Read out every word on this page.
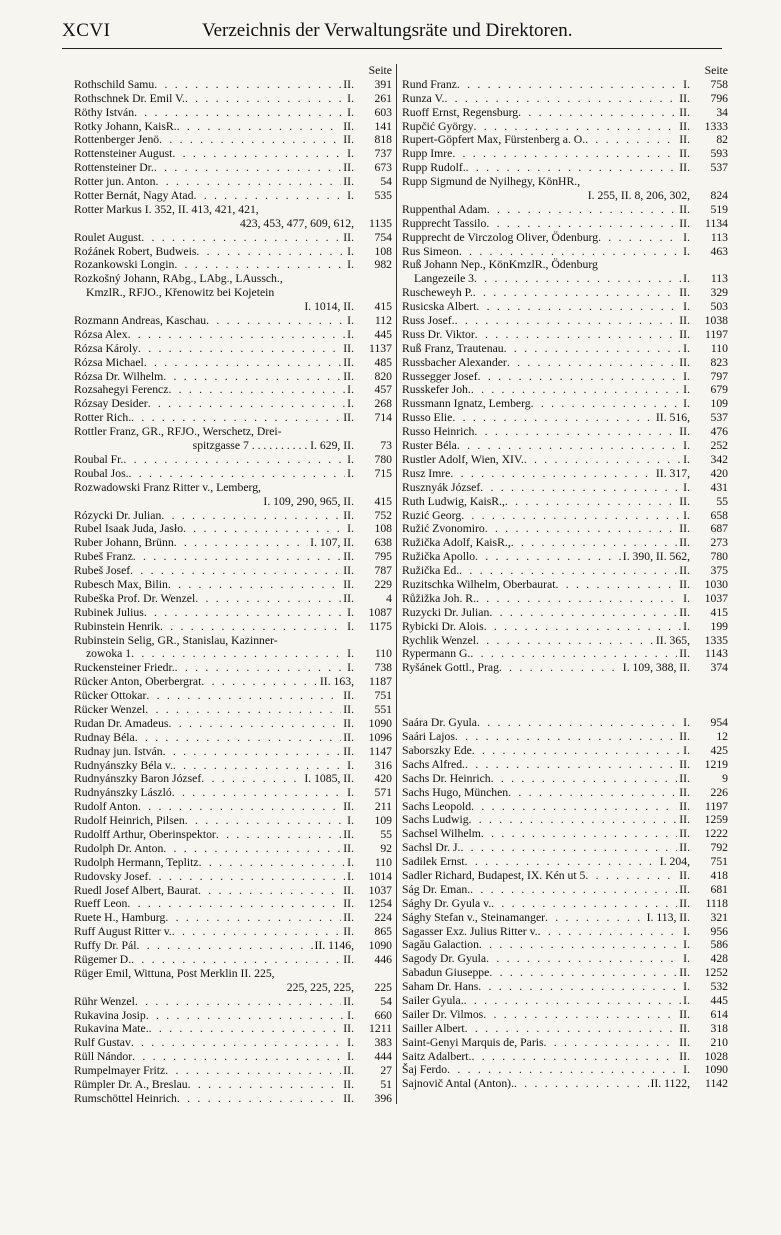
XCVI	Verzeichnis der Verwaltungsräte und Direktoren.
Seite
Rothschild Samu . . .	II.	391
Rothschnek Dr. Emil V. . . .	I.	261
Röthy István . . .	I.	603
Rotky Johann, KaisR. . . .	II.	141
Rottenberger Jenö . . .	II.	818
Rottensteiner August . . .	I.	737
Rottensteiner Dr. . . .	II.	673
Rotter jun. Anton . . .	II.	54
Rotter Bernát, Nagy Atad . . .	I.	535
Rotter Markus I. 352, II. 413, 421, 421,
423, 453, 477, 609, 612,	1135
Roulet August . . .	II.	754
Roźánek Robert, Budweis . . .	I.	108
Rozankowski Longin . . .	I.	982
Rozkošný Johann, RAbg., LAbg., LAussch.,
KmzlR., RFJO., Křenowitz bei Kojetein
I. 1014, II.	415
Rozmann Andreas, Kaschau . . .	I.	112
Rózsa Alex . . .	I.	445
Rózsa Károly . . .	II.	1137
Rózsa Michael . . .	II.	485
Rózsa Dr. Wilhelm . . .	II.	820
Rozsahegyi Ferencz . . .	I.	457
Rózsay Desider . . .	I.	268
Rotter Rich. . . .	II.	714
Rottler Franz, GR., RFJO., Werschetz, Drei-
spitzgasse 7 . . . . . . . . . . I. 629, II.	73
Roubal Fr. . . .	I.	780
Roubal Jos. . . .	I.	715
Rozwadowski Franz Ritter v., Lemberg,
I. 109, 290, 965, II.	415
Rózycki Dr. Julian . . .	II.	752
Rubel Isaak Juda, Jasło . . .	I.	108
Ruber Johann, Brünn . . .	I. 107, II.	638
Rubeš Franz . . .	II.	795
Rubeš Josef . . .	II.	787
Rubesch Max, Bilin . . .	II.	229
Rubeška Prof. Dr. Wenzel . . .	II.	4
Rubinek Julius . . .	I.	1087
Rubinstein Henrik . . .	I.	1175
Rubinstein Selig, GR., Stanislau, Kazinner-
zowoka 1 . . .	I.	110
Ruckensteiner Friedr. . . .	I.	738
Rücker Anton, Oberbergrat . . .	II. 163,	1187
Rücker Ottokar . . .	II.	751
Rücker Wenzel . . .	II.	551
Rudan Dr. Amadeus . . .	II.	1090
Rudnay Béla . . .	II.	1096
Rudnay jun. István . . .	II.	1147
Rudnyánszky Béla v. . . .	I.	316
Rudnyánszky Baron József . . .	I. 1085, II.	420
Rudnyánszky László . . .	I.	571
Rudolf Anton . . .	II.	211
Rudolf Heinrich, Pilsen . . .	I.	109
Rudolff Arthur, Oberinspektor . . .	II.	55
Rudolph Dr. Anton . . .	II.	92
Rudolph Hermann, Teplitz . . .	I.	110
Rudovsky Josef . . .	I.	1014
Ruedl Josef Albert, Baurat . . .	II.	1037
Rueff Leon . . .	II.	1254
Ruete H., Hamburg . . .	II.	224
Ruff August Ritter v. . . .	II.	865
Ruffy Dr. Pál . . .	II. 1146,	1090
Rügemer D. . . .	II.	446
Rüger Emil, Wittuna, Post Merklin II. 225,
225, 225, 225,	225
Rühr Wenzel . . .	II.	54
Rukavina Josip . . .	I.	660
Rukavina Mate. . . .	II.	1211
Rulf Gustav . . .	I.	383
Rüll Nándor . . .	I.	444
Rumpelmayer Fritz . . .	II.	27
Rümpler Dr. A., Breslau . . .	II.	51
Rumschöttel Heinrich . . .	II.	396
Seite
Rund Franz . . .	I.	758
Runza V. . . .	II.	796
Ruoff Ernst, Regensburg . . .	II.	34
Rupčić György . . .	II.	1333
Rupert-Göpfert Max, Fürstenberg a. O. . . .	II.	82
Rupp Imre . . .	II.	593
Rupp Rudolf. . . .	II.	537
Rupp Sigmund de Nyilhegy, KönHR.,
I. 255, II. 8, 206, 302,	824
Ruppenthal Adam . . .	II.	519
Rupprecht Tassilo . . .	II.	1134
Rupprecht de Virczolog Oliver, Ödenburg . . .	I.	113
Rus Simeon . . .	I.	463
Ruß Johann Nep., KönKmzlR., Ödenburg
Langezeile 3 . . .	I.	113
Ruscheweyh P. . . .	II.	329
Rusicska Albert . . .	I.	503
Russ Josef. . . .	II.	1038
Russ Dr. Viktor . . .	II.	1197
Ruß Franz, Trautenau . . .	I.	110
Russbacher Alexander . . .	II.	823
Russegger Josef . . .	I.	797
Russkefer Joh. . . .	I.	679
Russmann Ignatz, Lemberg . . .	I.	109
Russo Elie . . .	II. 516,	537
Russo Heinrich . . .	II.	476
Ruster Béla . . .	I.	252
Rustler Adolf, Wien, XIV. . . .	I.	342
Rusz Imre . . .	II. 317,	420
Rusznyák József . . .	I.	431
Ruth Ludwig, KaisR., . . .	II.	55
Ruzić Georg . . .	I.	658
Ružić Zvonomiro . . .	II.	687
Ružička Adolf, KaisR., . . .	II.	273
Ružička Apollo . . .	I. 390, II. 562,	780
Ružička Ed. . . .	II.	375
Ruzitschka Wilhelm, Oberbaurat . . .	II.	1030
Růžižka Joh. R. . . .	I.	1037
Ruzycki Dr. Julian . . .	II.	415
Rybicki Dr. Alois . . .	I.	199
Rychlik Wenzel . . .	II. 365,	1335
Rypermann G. . . .	II.	1143
Ryšánek Gottl., Prag . . .	I. 109, 388, II.	374
Saára Dr. Gyula . . .	I.	954
Saári Lajos . . .	II.	12
Saborszky Ede . . .	I.	425
Sachs Alfred. . . .	II.	1219
Sachs Dr. Heinrich . . .	II.	9
Sachs Hugo, München . . .	II.	226
Sachs Leopold . . .	II.	1197
Sachs Ludwig . . .	II.	1259
Sachsel Wilhelm . . .	II.	1222
Sachsl Dr. J. . . .	II.	792
Sadilek Ernst . . .	I. 204,	751
Sadler Richard, Budapest, IX. Kén ut 5 . . .	II.	418
Ság Dr. Eman. . . .	II.	681
Sághy Dr. Gyula v. . . .	II.	1118
Sághy Stefan v., Steinamanger . . .	I. 113, II.	321
Sagasser Exz. Julius Ritter v. . . .	I.	956
Sagău Galaction . . .	I.	586
Sagody Dr. Gyula . . .	I.	428
Sabadun Giuseppe . . .	II.	1252
Saham Dr. Hans . . .	I.	532
Sailer Gyula. . . .	I.	445
Sailer Dr. Vilmos . . .	II.	614
Sailler Albert . . .	II.	318
Saint-Genyi Marquis de, Paris . . .	II.	210
Saitz Adalbert. . . .	II.	1028
Šaj Ferdo . . .	I.	1090
Sajnovič Antal (Anton). . . .	II. 1122,	1142
